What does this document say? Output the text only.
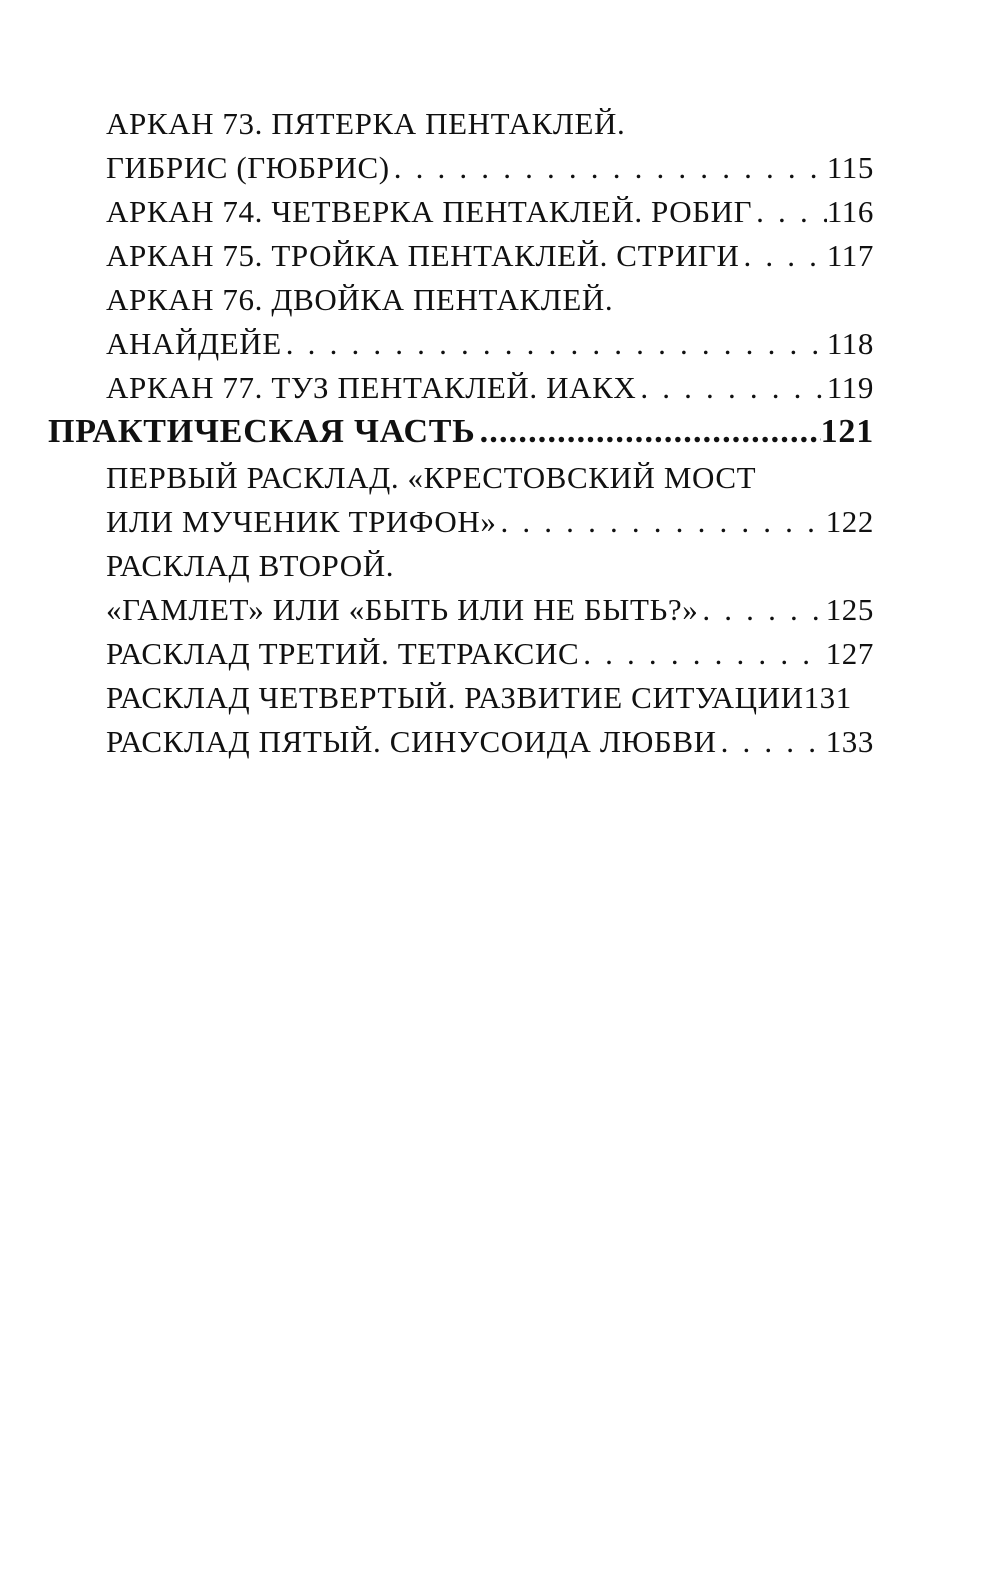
АРКАН 73. ПЯТЕРКА ПЕНТАКЛЕЙ.
ГИБРИС (ГЮБРИС) . . .	115
АРКАН 74. ЧЕТВЕРКА ПЕНТАКЛЕЙ. РОБИГ . . . 116
АРКАН 75. ТРОЙКА ПЕНТАКЛЕЙ. СТРИГИ . . .	117
АРКАН 76. ДВОЙКА ПЕНТАКЛЕЙ.
АНАЙДЕЙЕ . . .	118
АРКАН 77. ТУЗ ПЕНТАКЛЕЙ. ИАКХ . . .	119
ПРАКТИЧЕСКАЯ ЧАСТЬ .....	121
ПЕРВЫЙ РАСКЛАД. «КРЕСТОВСКИЙ МОСТ
ИЛИ МУЧЕНИК ТРИФОН» . . .	122
РАСКЛАД ВТОРОЙ.
«ГАМЛЕТ» ИЛИ «БЫТЬ ИЛИ НЕ БЫТЬ?» . . .	125
РАСКЛАД ТРЕТИЙ. ТЕТРАКСИС . . .	127
РАСКЛАД ЧЕТВЕРТЫЙ. РАЗВИТИЕ СИТУАЦИИ 131
РАСКЛАД ПЯТЫЙ. СИНУСОИДА ЛЮБВИ . . .	133
